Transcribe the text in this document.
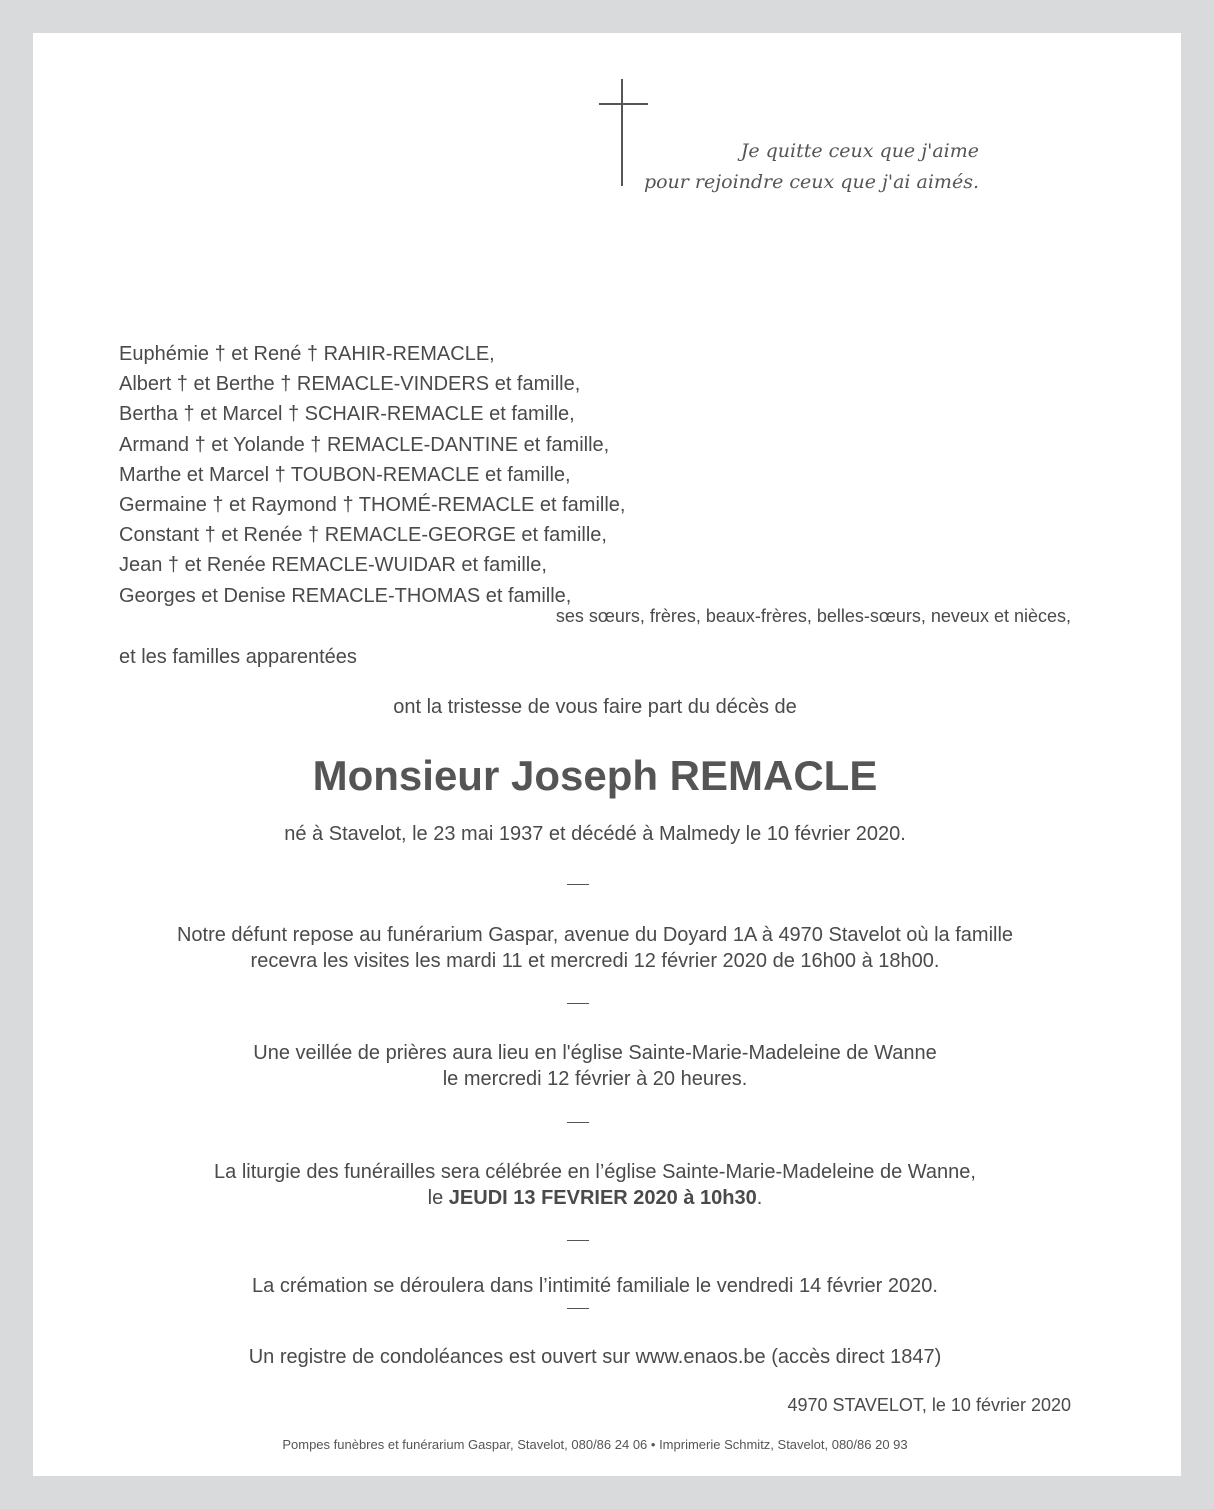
Je quitte ceux que j'aime
pour rejoindre ceux que j'ai aimés.
Euphémie † et René † RAHIR-REMACLE,
Albert † et Berthe † REMACLE-VINDERS et famille,
Bertha † et Marcel † SCHAIR-REMACLE et famille,
Armand † et Yolande † REMACLE-DANTINE et famille,
Marthe et Marcel † TOUBON-REMACLE et famille,
Germaine † et Raymond † THOMÉ-REMACLE et famille,
Constant † et Renée † REMACLE-GEORGE et famille,
Jean † et Renée REMACLE-WUIDAR et famille,
Georges et Denise REMACLE-THOMAS et famille,
ses sœurs, frères, beaux-frères, belles-sœurs, neveux et nièces,
et les familles apparentées
ont la tristesse de vous faire part du décès de
Monsieur Joseph REMACLE
né à Stavelot, le 23 mai 1937 et décédé à Malmedy le 10 février 2020.
Notre défunt repose au funérarium Gaspar, avenue du Doyard 1A à 4970 Stavelot où la famille
recevra les visites les mardi 11 et mercredi 12 février 2020 de 16h00 à 18h00.
Une veillée de prières aura lieu en l'église Sainte-Marie-Madeleine de Wanne
le mercredi 12 février à 20 heures.
La liturgie des funérailles sera célébrée en l’église Sainte-Marie-Madeleine de Wanne,
le JEUDI 13 FEVRIER 2020 à 10h30.
La crémation se déroulera dans l’intimité familiale le vendredi 14 février 2020.
Un registre de condoléances est ouvert sur www.enaos.be (accès direct 1847)
4970 STAVELOT, le 10 février 2020
Pompes funèbres et funérarium Gaspar, Stavelot, 080/86 24 06 • Imprimerie Schmitz, Stavelot, 080/86 20 93
